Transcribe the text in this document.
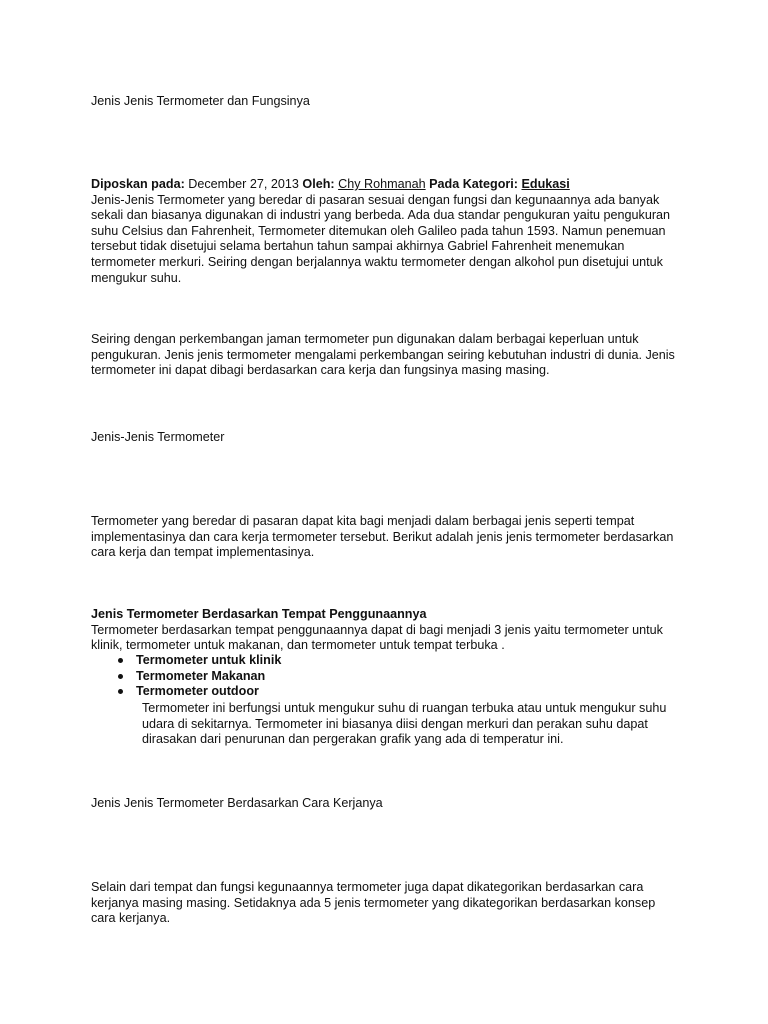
Jenis Jenis Termometer dan Fungsinya

Diposkan pada: December 27, 2013 Oleh: Chy Rohmanah Pada Kategori: Edukasi
Jenis-Jenis Termometer yang beredar di pasaran sesuai dengan fungsi dan kegunaannya ada banyak
sekali dan biasanya digunakan di industri yang berbeda. Ada dua standar pengukuran yaitu pengukuran
suhu Celsius dan Fahrenheit, Termometer ditemukan oleh Galileo pada tahun 1593. Namun penemuan
tersebut tidak disetujui selama bertahun tahun sampai akhirnya Gabriel Fahrenheit menemukan
termometer merkuri. Seiring dengan berjalannya waktu termometer dengan alkohol pun disetujui untuk
mengukur suhu.
Seiring dengan perkembangan jaman termometer pun digunakan dalam berbagai keperluan untuk
pengukuran. Jenis jenis termometer mengalami perkembangan seiring kebutuhan industri di dunia. Jenis
termometer ini dapat dibagi berdasarkan cara kerja dan fungsinya masing masing.

Jenis-Jenis Termometer

Termometer yang beredar di pasaran dapat kita bagi menjadi dalam berbagai jenis seperti tempat
implementasinya dan cara kerja termometer tersebut. Berikut adalah jenis jenis termometer berdasarkan
cara kerja dan tempat implementasinya.
Jenis Termometer Berdasarkan Tempat Penggunaannya
Termometer berdasarkan tempat penggunaannya dapat di bagi menjadi 3 jenis yaitu termometer untuk
klinik, termometer untuk makanan, dan termometer untuk tempat terbuka .
Termometer untuk klinik
Termometer Makanan
Termometer outdoor
Termometer ini berfungsi untuk mengukur suhu di ruangan terbuka atau untuk mengukur suhu
udara di sekitarnya. Termometer ini biasanya diisi dengan merkuri dan perakan suhu dapat
dirasakan dari penurunan dan pergerakan grafik yang ada di temperatur ini.

Jenis Jenis Termometer Berdasarkan Cara Kerjanya

Selain dari tempat dan fungsi kegunaannya termometer juga dapat dikategorikan berdasarkan cara
kerjanya masing masing. Setidaknya ada 5 jenis termometer yang dikategorikan berdasarkan konsep
cara kerjanya.
